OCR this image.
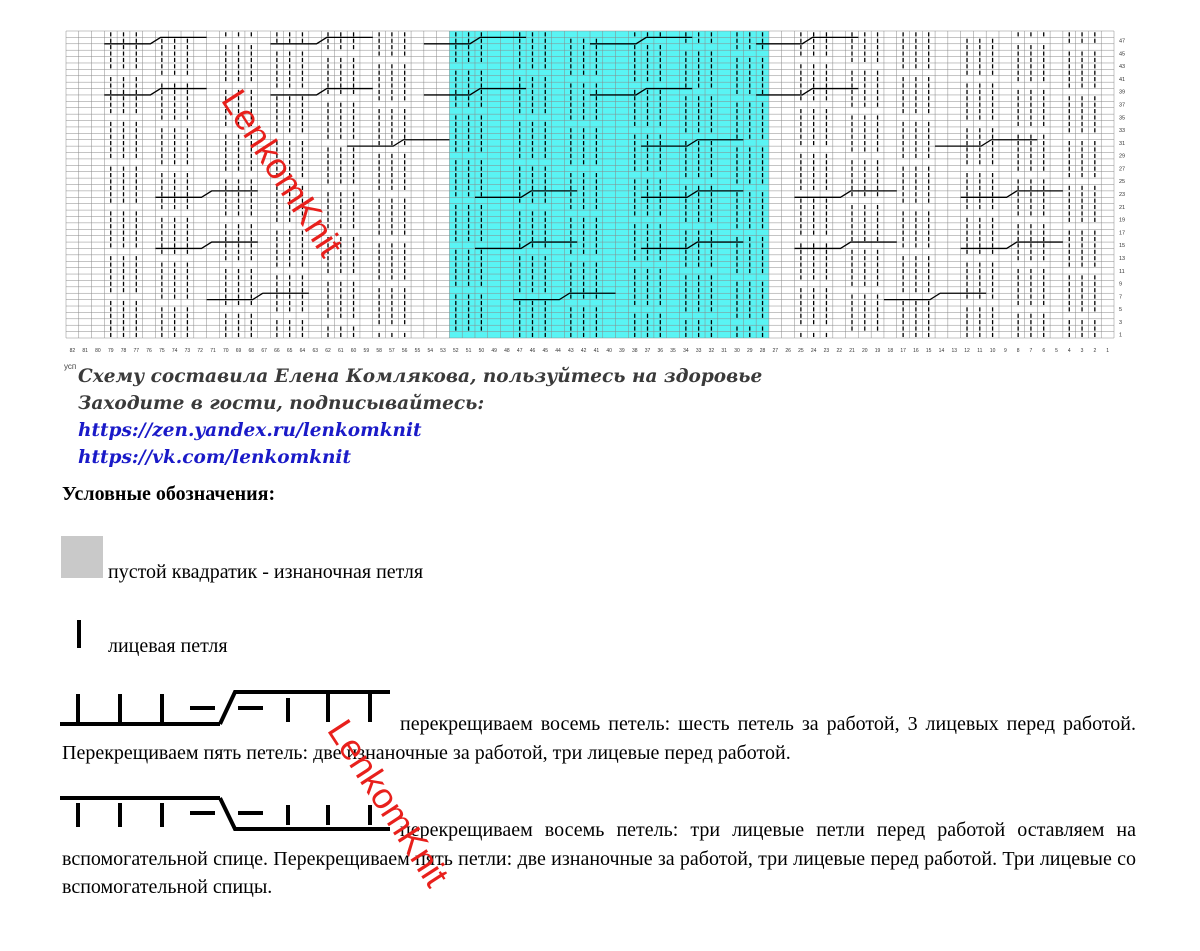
82 81 80 79 78 77 76 75 74 73 72 71 70 69 68 67 66 65 64 63 62 61 60 59 58 57 56 55 54 53 52 51 50 49 48 47 46 45 44 43 42 41 40 39 38 37 36 35 34 33 32 31 30 29 28 27 26 25 24 23 22 21 20 19 18 17 16 15 14 13 12 11 10 9 8 7 6 5 4 3 2 1
47
45
43
41
39
37
35
33
31
29
27
25
23
21
19
17
15
13
11
9
7
5
3
1
усп Схему составила Елена Комлякова, пользуйтесь на здоровье
Заходите в гости, подписывайтесь:
https://zen.yandex.ru/lenkomknit
https://vk.com/lenkomknit
Условные обозначения:
пустой квадратик - изнаночная петля
лицевая петля
перекрещиваем восемь петель: шесть петель за работой, 3 лицевых перед работой. Перекрещиваем пять петель: две изнаночные за работой, три лицевые перед работой.
перекрещиваем восемь петель: три лицевые петли перед работой оставляем на вспомогательной спице. Перекрещиваем пять петли: две изнаночные за работой, три лицевые перед работой. Три лицевые со вспомогательной спицы.
LenkomKnit
LenkomKnit
